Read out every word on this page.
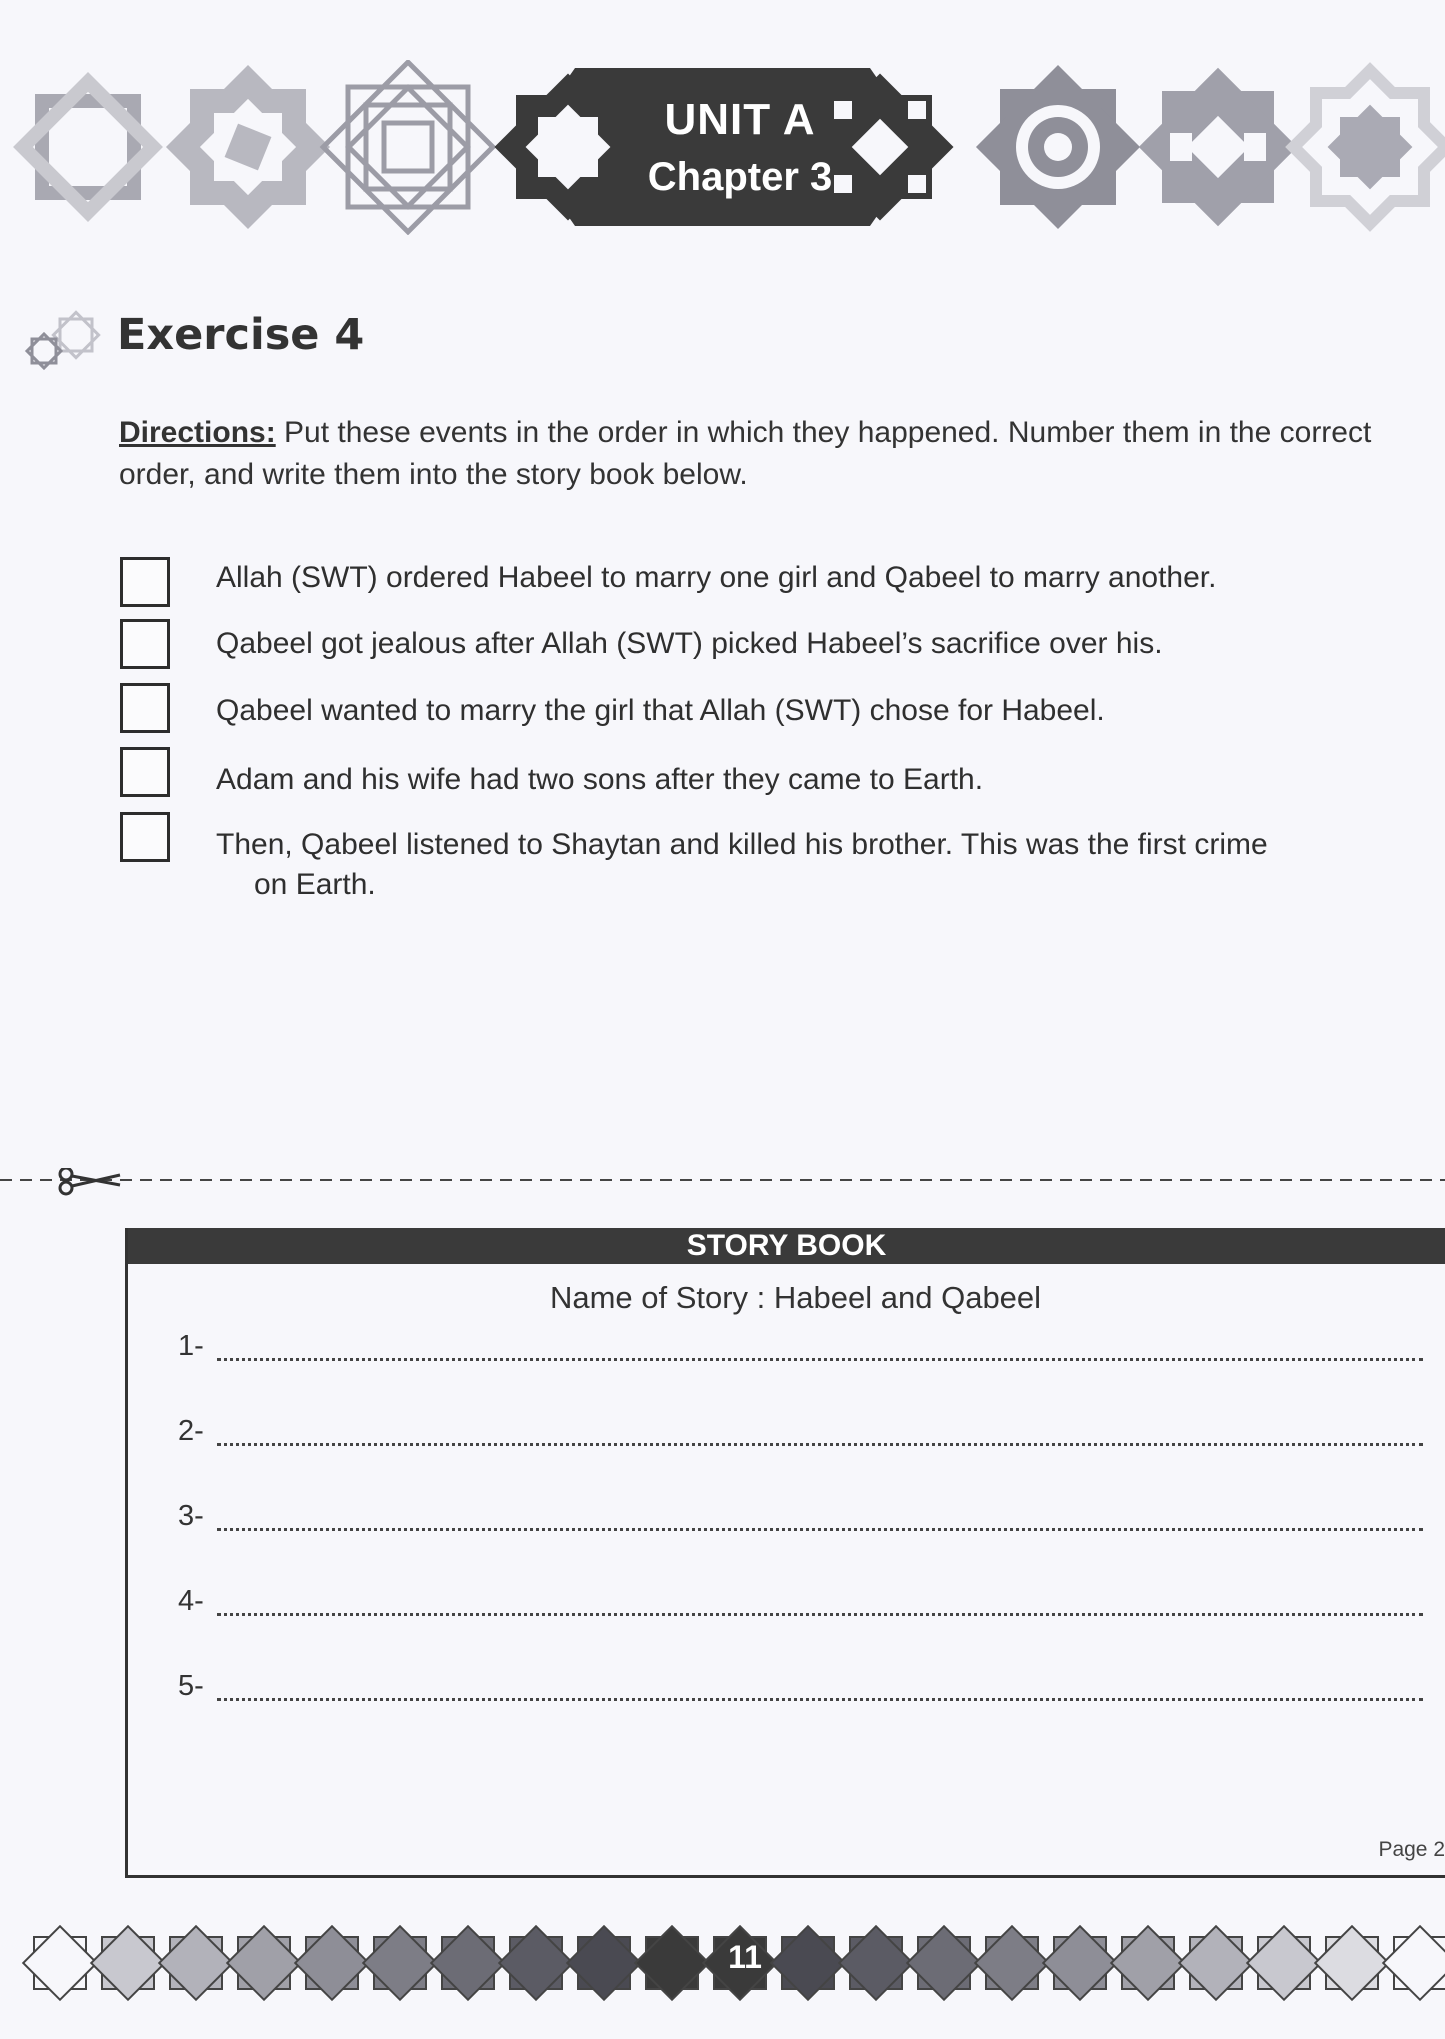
UNIT A
Chapter 3
Exercise 4
Directions: Put these events in the order in which they happened. Number them in the correct order, and write them into the story book below.
Allah (SWT) ordered Habeel to marry one girl and Qabeel to marry another.
Qabeel got jealous after Allah (SWT) picked Habeel’s sacrifice over his.
Qabeel wanted to marry the girl that Allah (SWT) chose for Habeel.
Adam and his wife had two sons after they came to Earth.
Then, Qabeel listened to Shaytan and killed his brother. This was the first crime
on Earth.
STORY BOOK
Name of Story : Habeel and Qabeel
1-
2-
3-
4-
5-
Page 2
11
